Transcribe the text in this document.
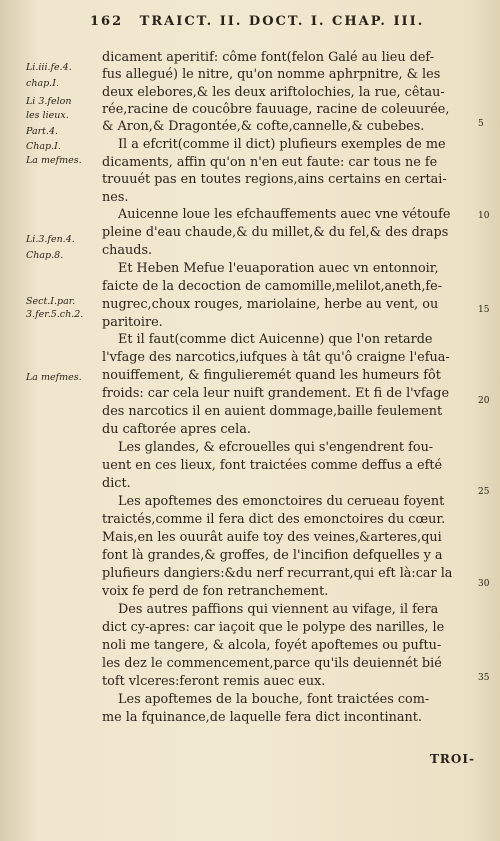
162 TRAICT. II. DOCT. I. CHAP. III.
Li.iii.fe.4.
chap.I.
Li 3.felon
les lieux.
Part.4.
Chap.I.
La mefmes.
Li.3.fen.4.
Chap.8.
Sect.I.par.
3.fer.5.ch.2.
La mefmes.
5
10
15
20
25
30
35
dicament aperitif: côme font(felon Galé au lieu def-
fus allegué) le nitre, qu'on nomme aphrpnitre, & les
deux elebores,& les deux ariftolochies, la rue, cêtau-
rée,racine de coucôbre fauuage, racine de coleuurée,
& Aron,& Dragontée,& cofte,cannelle,& cubebes.
Il a efcrit(comme il dict) plufieurs exemples de me
dicaments, affin qu'on n'en eut faute: car tous ne fe
trouuét pas en toutes regions,ains certains en certai-
nes.
Auicenne loue les efchauffements auec vne vétoufe
pleine d'eau chaude,& du millet,& du fel,& des draps
chauds.
Et Heben Mefue l'euaporation auec vn entonnoir,
faicte de la decoction de camomille,melilot,aneth,fe-
nugrec,choux rouges, mariolaine, herbe au vent, ou
paritoire.
Et il faut(comme dict Auicenne) que l'on retarde
l'vfage des narcotics,iufques à tât qu'ô craigne l'efua-
nouiffement, & fingulieremét quand les humeurs fôt
froids: car cela leur nuift grandement. Et fi de l'vfage
des narcotics il en auient dommage,baille feulement
du caftorée apres cela.
Les glandes, & efcrouelles qui s'engendrent fou-
uent en ces lieux, font traictées comme deffus a efté
dict.
Les apoftemes des emonctoires du cerueau foyent
traictés,comme il fera dict des emonctoires du cœur.
Mais,en les ouurât auife toy des veines,&arteres,qui
font là grandes,& groffes, de l'incifion defquelles y a
plufieurs dangiers:&du nerf recurrant,qui eft là:car la
voix fe perd de fon retranchement.
Des autres paffions qui viennent au vifage, il fera
dict cy-apres: car iaçoit que le polype des narilles, le
noli me tangere, & alcola, foyét apoftemes ou puftu-
les dez le commencement,parce qu'ils deuiennét bié
toft vlceres:feront remis auec eux.
Les apoftemes de la bouche, font traictées com-
me la fquinance,de laquelle fera dict incontinant.
TROI-
